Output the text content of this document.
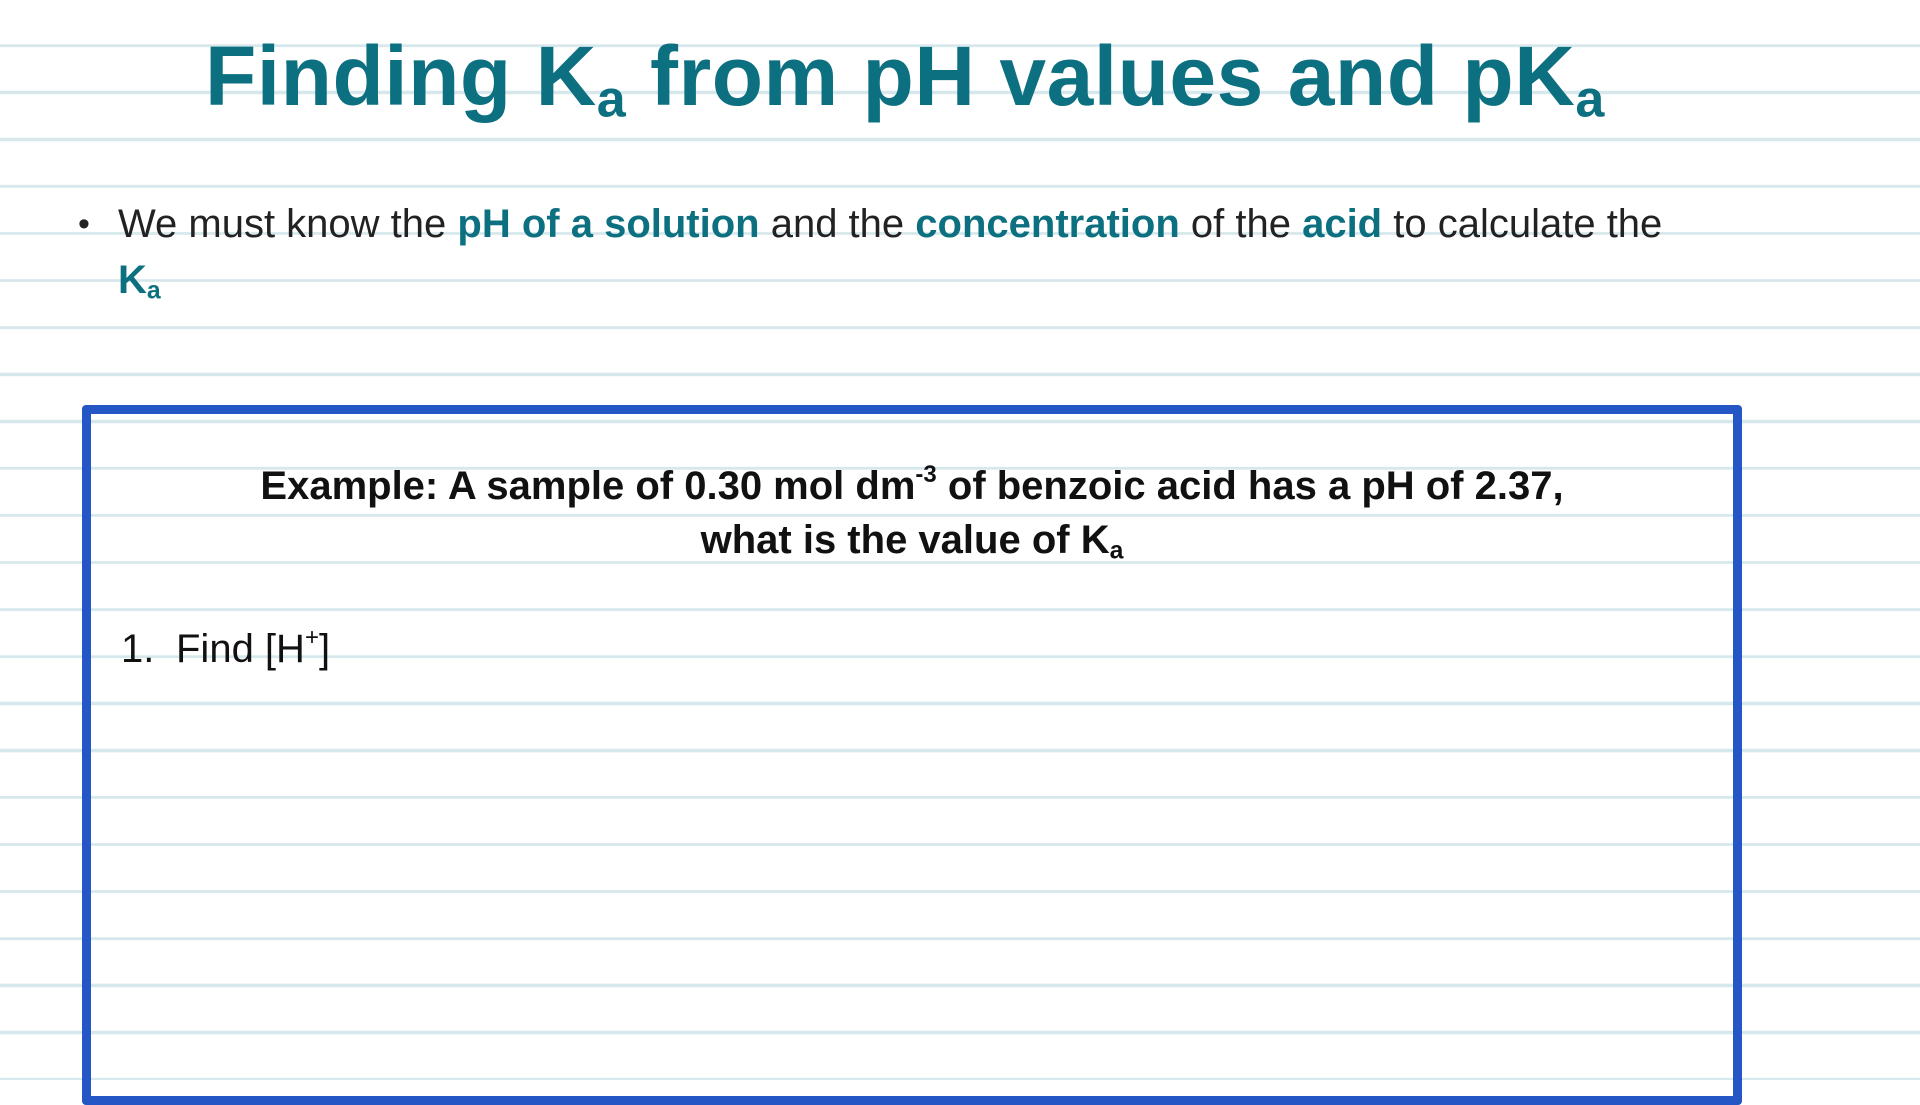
Finding $K_a$ from pH values and $pK_a$
• We must know the pH of a solution and the concentration of the acid to calculate the $K_a$
Example: A sample of 0.30 mol $dm^{-3}$ of benzoic acid has a pH of 2.37,
what is the value of $K_a$
1. Find [H+]
